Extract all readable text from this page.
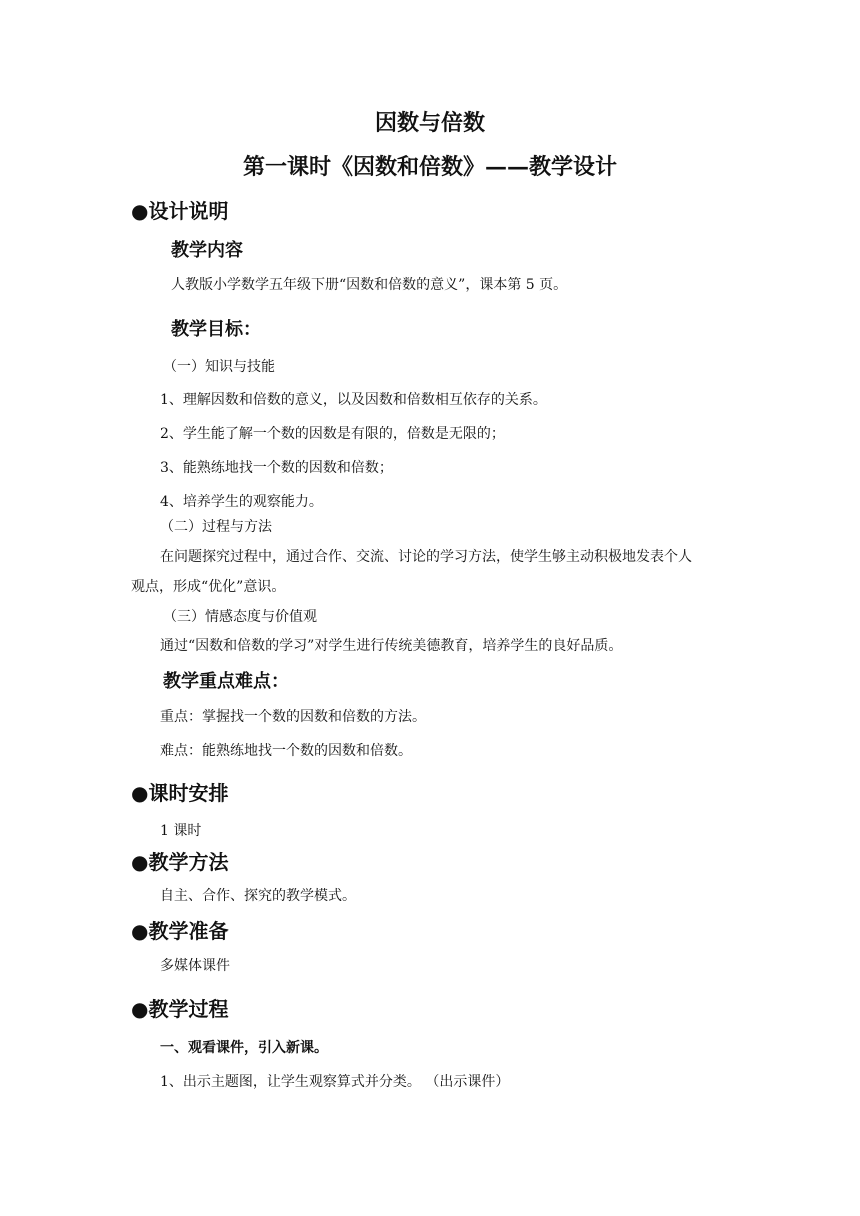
因数与倍数
第一课时《因数和倍数》——教学设计
●设计说明
教学内容
人教版小学数学五年级下册“因数和倍数的意义”，课本第 5 页。
教学目标：
（一）知识与技能
1、理解因数和倍数的意义，以及因数和倍数相互依存的关系。
2、学生能了解一个数的因数是有限的，倍数是无限的；
3、能熟练地找一个数的因数和倍数；
4、培养学生的观察能力。
（二）过程与方法
在问题探究过程中，通过合作、交流、讨论的学习方法，使学生够主动积极地发表个人
观点，形成“优化”意识。
（三）情感态度与价值观
通过“因数和倍数的学习”对学生进行传统美德教育，培养学生的良好品质。
教学重点难点：
重点：掌握找一个数的因数和倍数的方法。
难点：能熟练地找一个数的因数和倍数。
●课时安排
1 课时
●教学方法
自主、合作、探究的教学模式。
●教学准备
多媒体课件
●教学过程
一、观看课件，引入新课。
1、出示主题图，让学生观察算式并分类。 （出示课件）
